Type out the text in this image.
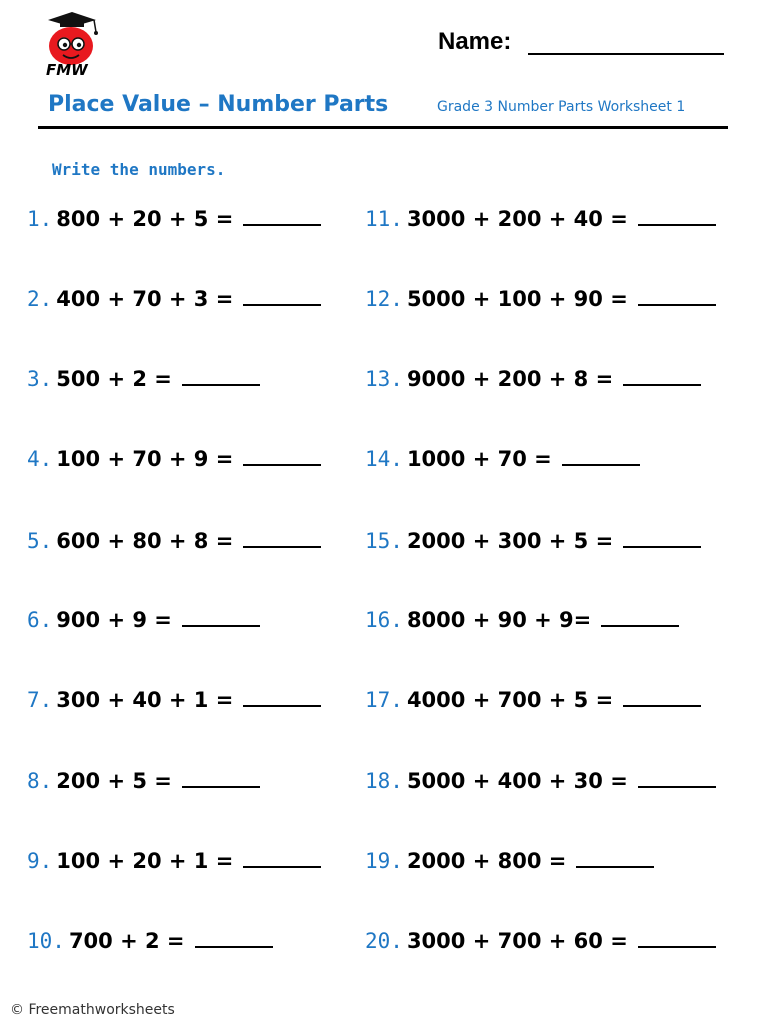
FMW
Name:
Place Value – Number Parts	Grade 3 Number Parts Worksheet 1
Write the numbers.
1. 800 + 20 + 5 =
2. 400 + 70 + 3 =
3. 500 + 2 =
4. 100 + 70 + 9 =
5. 600 + 80 + 8 =
6. 900 + 9 =
7. 300 + 40 + 1 =
8. 200 + 5 =
9. 100 + 20 + 1 =
10. 700 + 2 =
11. 3000 + 200 + 40 =
12. 5000 + 100 + 90 =
13. 9000 + 200 + 8 =
14. 1000 + 70 =
15. 2000 + 300 + 5 =
16. 8000 + 90 + 9=
17. 4000 + 700 + 5 =
18. 5000 + 400 + 30 =
19. 2000 + 800 =
20. 3000 + 700 + 60 =
© Freemathworksheets
